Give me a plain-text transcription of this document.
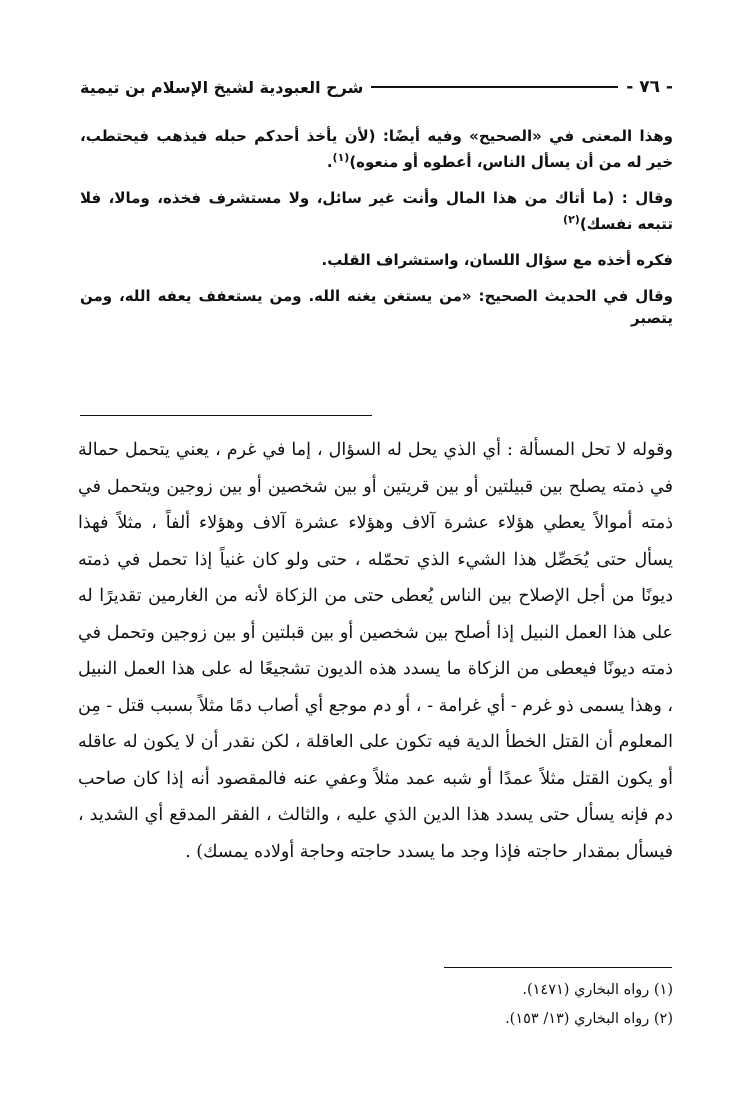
- ٧٦ -
شرح العبودية لشيخ الإسلام بن تيمية

وهذا المعنى في «الصحيح» وفيه أيضًا: (لأن يأخذ أحدكم حبله فيذهب فيحتطب، خير له من أن يسأل الناس، أعطوه أو منعوه)$^{(١)}$.

وقال : (ما أتاك من هذا المال وأنت غير سائل، ولا مستشرف فخذه، ومالا، فلا تتبعه نفسك)$^{(٢)}$

فكره أخذه مع سؤال اللسان، واستشراف القلب.

وقال في الحديث الصحيح: «من يستغن يغنه الله. ومن يستعفف يعفه الله، ومن يتصبر

وقوله لا تحل المسألة : أي الذي يحل له السؤال ، إما في غرم ، يعني يتحمل حمالة في ذمته يصلح بين قبيلتين أو بين قريتين أو بين شخصين أو بين زوجين ويتحمل في ذمته أموالاً يعطي هؤلاء عشرة آلاف وهؤلاء عشرة آلاف وهؤلاء ألفاً ، مثلاً فهذا يسأل حتى يُحَصِّل هذا الشيء الذي تحمّله ، حتى ولو كان غنياً إذا تحمل في ذمته ديونًا من أجل الإصلاح بين الناس يُعطى حتى من الزكاة لأنه من الغارمين تقديرًا له على هذا العمل النبيل إذا أصلح بين شخصين أو بين قبلتين أو بين زوجين وتحمل في ذمته ديونًا فيعطى من الزكاة ما يسدد هذه الديون تشجيعًا له على هذا العمل النبيل ، وهذا يسمى ذو غرم - أي غرامة - ، أو دم موجع أي أصاب دمًا مثلاً بسبب قتل - مِن المعلوم أن القتل الخطأ الدية فيه تكون على العاقلة ، لكن نقدر أن لا يكون له عاقله أو يكون القتل مثلاً عمدًا أو شبه عمد مثلاً وعفي عنه فالمقصود أنه إذا كان صاحب دم فإنه يسأل حتى يسدد هذا الدين الذي عليه ، والثالث ، الفقر المدقع أي الشديد ، فيسأل بمقدار حاجته فإذا وجد ما يسدد حاجته وحاجة أولاده يمسك) .

(١) رواه البخاري (١٤٧١).

(٢) رواه البخاري (١٣/ ١٥٣).
